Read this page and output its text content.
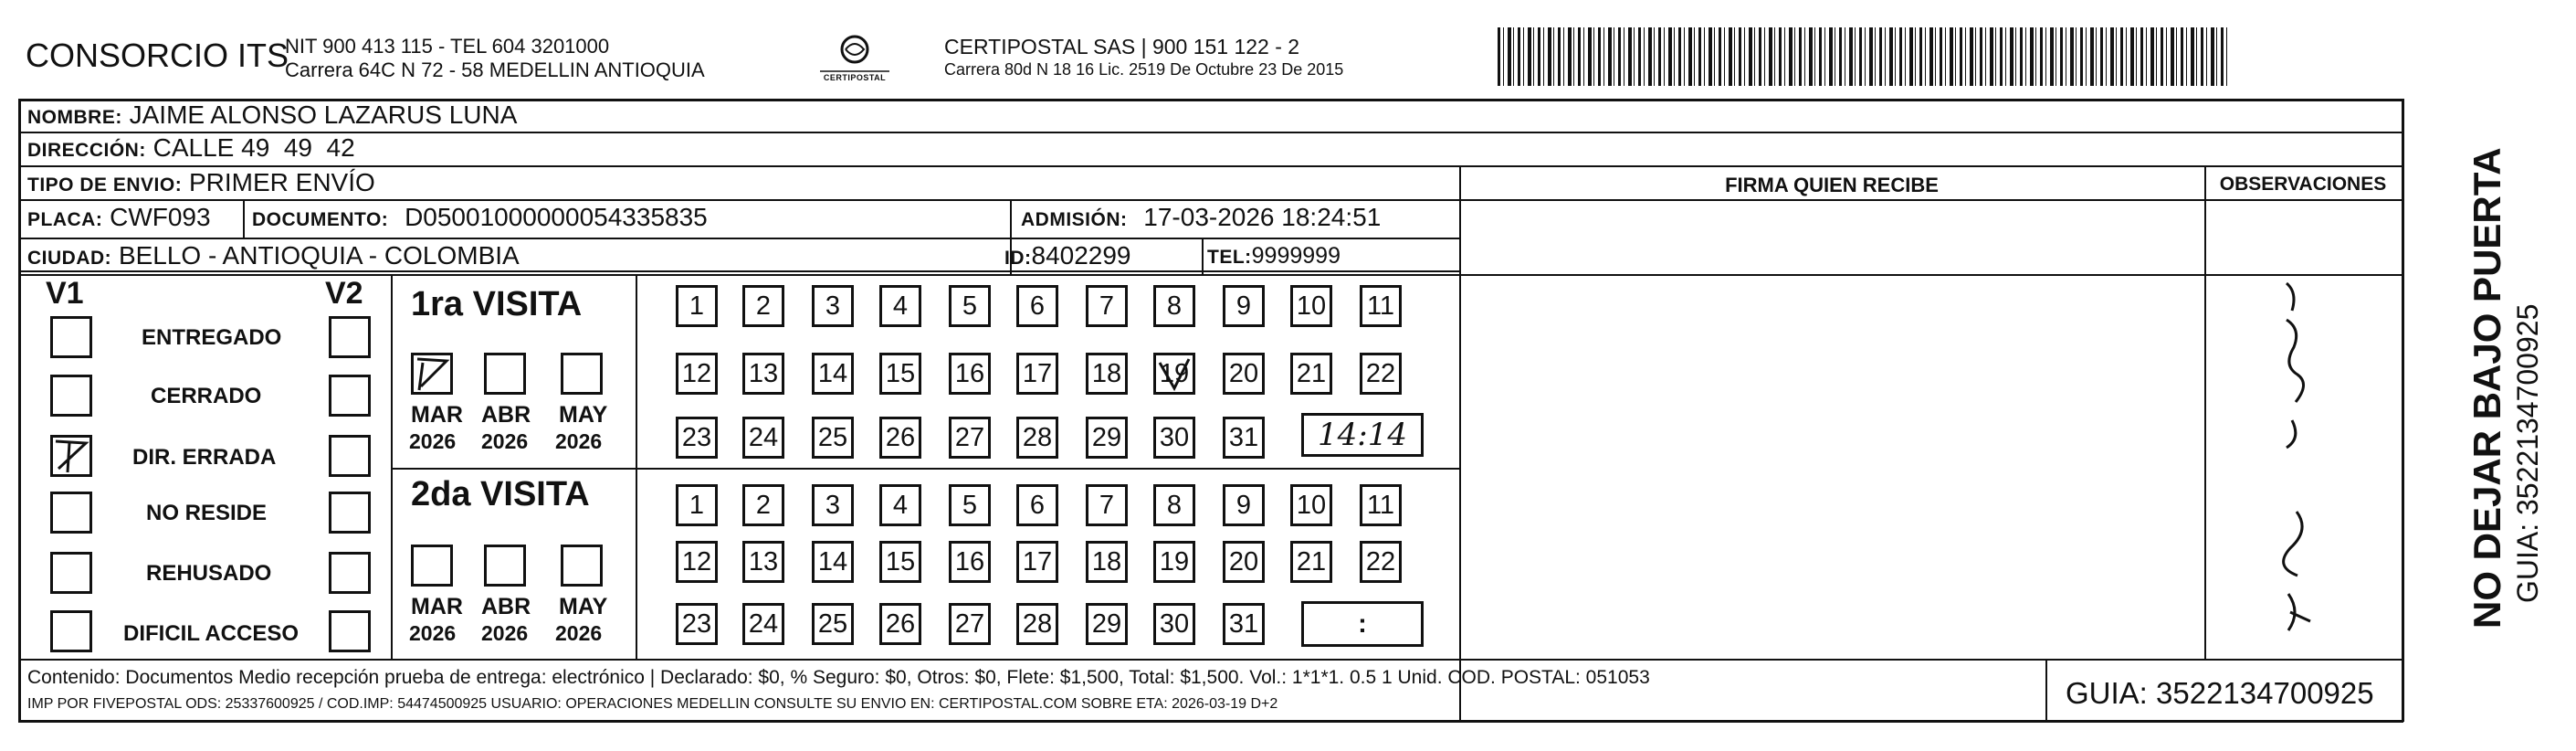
CONSORCIO ITS
NIT 900 413 115 - TEL 604 3201000
Carrera 64C N 72 - 58 MEDELLIN ANTIOQUIA	CERTIPOSTAL
CERTIPOSTAL SAS | 900 151 122 - 2
Carrera 80d N 18 16 Lic. 2519 De Octubre 23 De 2015
NOMBRE: JAIME ALONSO LAZARUS LUNA
DIRECCIÓN: CALLE 49  49  42
TIPO DE ENVIO: PRIMER ENVÍO	FIRMA QUIEN RECIBE	OBSERVACIONES
PLACA: CWF093 DOCUMENTO: D05001000000054335835	ADMISIÓN: 17-03-2026 18:24:51
CIUDAD: BELLO - ANTIOQUIA - COLOMBIA	ID:8402299	TEL:9999999
V1	V2
ENTREGADO
CERRADO
DIR. ERRADA
NO RESIDE
REHUSADO
DIFICIL ACCESO
1ra VISITA
MAR ABR MAY
2026 2026 2026
1	2	3	4	5	6	7	8	9	10 11
12 13 14 15 16 17 18 19 20 21 22
23 24 25 26 27 28 29 30 31	14:14
2da VISITA
MAR ABR MAY
2026 2026 2026
1	2	3	4	5	6	7	8	9	10 11
12 13 14 15 16 17 18 19 20 21 22
23 24 25 26 27 28 29 30 31	:
Contenido: Documentos Medio recepción prueba de entrega: electrónico | Declarado: $0, % Seguro: $0, Otros: $0, Flete: $1,500, Total: $1,500. Vol.: 1*1*1. 0.5 1 Unid. COD. POSTAL: 051053
IMP POR FIVEPOSTAL ODS: 25337600925 / COD.IMP: 54474500925 USUARIO: OPERACIONES MEDELLIN CONSULTE SU ENVIO EN: CERTIPOSTAL.COM SOBRE ETA: 2026-03-19 D+2	GUIA: 3522134700925
NO DEJAR BAJO PUERTA GUIA: 3522134700925
